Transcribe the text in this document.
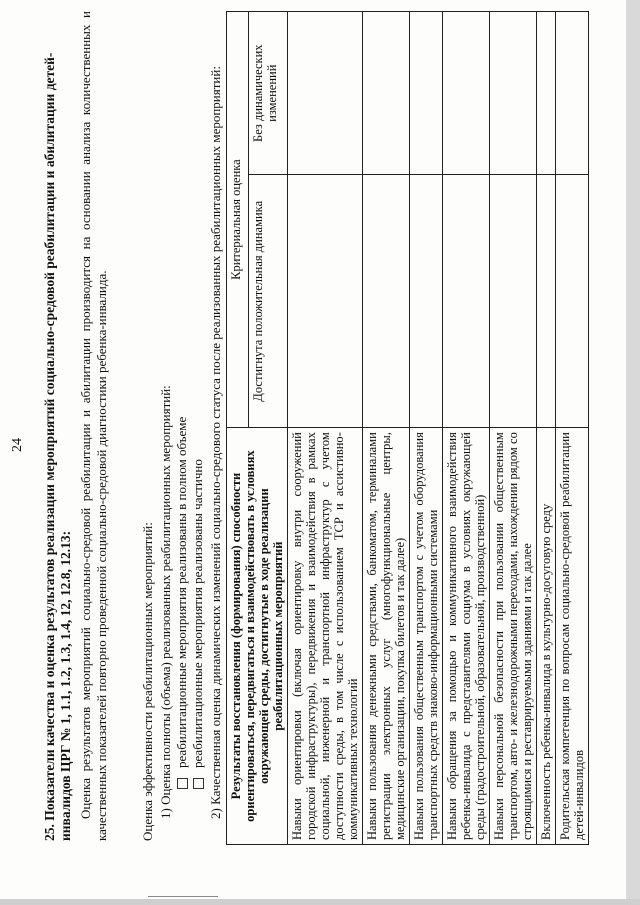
24 25. Показатели качества и оценка результатов реализации мероприятий социально-средовой реабилитации и абилитации детей-инвалидов ЦРГ № 1, 1.1, 1.2, 1.3, 1.4, 12, 12.8, 12.13: Оценка результатов мероприятий социально-средовой реабилитации и абилитации производится на основании анализа количественных и качественных показателей повторно проведенной социально-средовой диагностики ребенка-инвалида. Оценка эффективности реабилитационных мероприятий: 1) Оценка полноты (объема) реализованных реабилитационных мероприятий: реабилитационные мероприятия реализованы в полном объеме реабилитационные мероприятия реализованы частично 2) Качественная оценка динамических изменений социально-средового статуса после реализованных реабилитационных мероприятий: Результаты восстановления (формирования) способности ориентироваться, передвигаться и взаимодействовать в условиях окружающей среды, достигнутые в ходе реализации реабилитационных мероприятий	Критериальная оценка	
	Достигнута положительная динамика	Без динамических изменений
Навыки ориентировки (включая ориентировку внутри сооружений городской инфраструктуры), передвижения и взаимодействия в рамках социальной, инженерной и транспортной инфраструктур с учетом доступности среды, в том числе с использованием ТСР и ассистивно-коммуникативных технологий		
Навыки пользования денежными средствами, банкоматом, терминалами регистрации электронных услуг (многофункциональные центры, медицинские организации, покупка билетов и так далее)		
Навыки пользования общественным транспортом с учетом оборудования транспортных средств знаково-информационными системами		
Навыки обращения за помощью и коммуникативного взаимодействия ребенка-инвалида с представителями социума в условиях окружающей среды (градостроительной, образовательной, производственной)		
Навыки персональной безопасности при пользовании общественным транспортом, авто- и железнодорожными переходами, нахождении рядом со строящимися и реставрируемыми зданиями и так далее		
Включенность ребенка-инвалида в культурно-досуговую среду		
Родительская компетенция по вопросам социально-средовой реабилитации детей-инвалидов		
